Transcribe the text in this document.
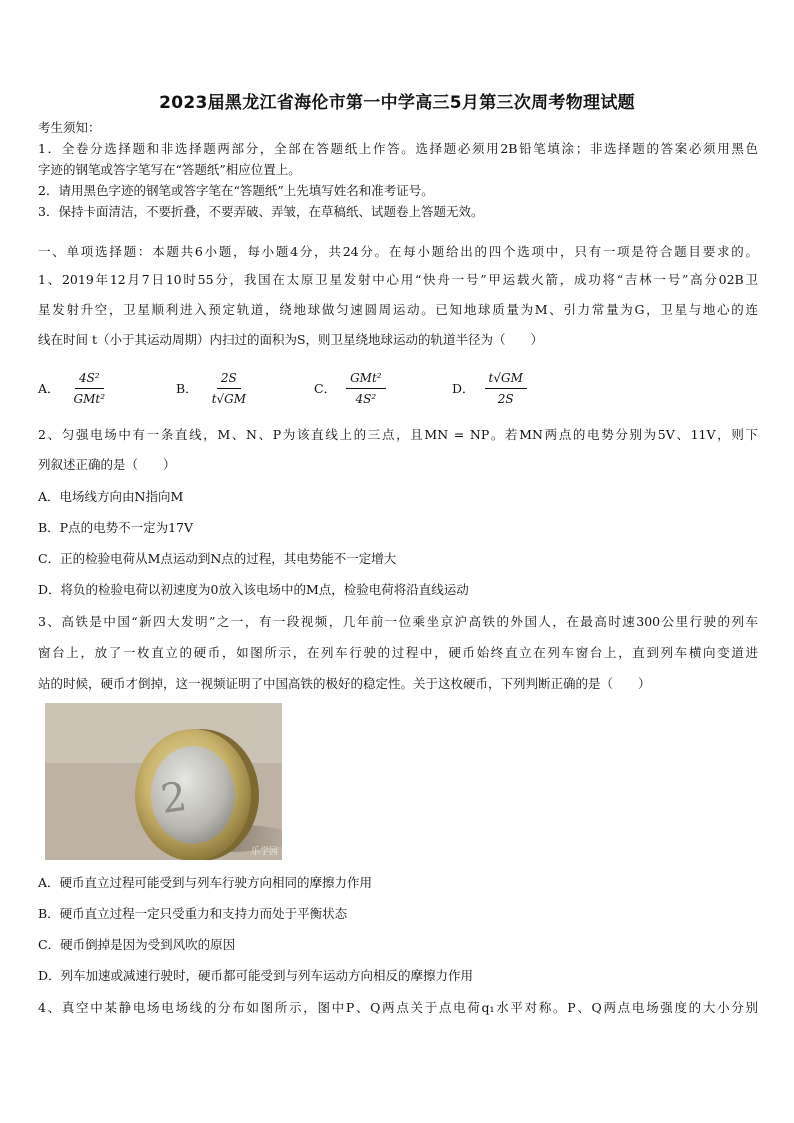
2023届黑龙江省海伦市第一中学高三5月第三次周考物理试题
考生须知：
1．全卷分选择题和非选择题两部分，全部在答题纸上作答。选择题必须用2B铅笔填涂；非选择题的答案必须用黑色
字迹的钢笔或答字笔写在“答题纸”相应位置上。
2．请用黑色字迹的钢笔或答字笔在“答题纸”上先填写姓名和准考证号。
3．保持卡面清洁，不要折叠，不要弄破、弄皱，在草稿纸、试题卷上答题无效。
一、单项选择题：本题共6小题，每小题4分，共24分。在每小题给出的四个选项中，只有一项是符合题目要求的。
1、2019年12月7日10时55分，我国在太原卫星发射中心用“快舟一号”甲运载火箭，成功将“吉林一号”高分02B卫
星发射升空，卫星顺利进入预定轨道，绕地球做匀速圆周运动。已知地球质量为M、引力常量为G，卫星与地心的连
线在时间 t（小于其运动周期）内扫过的面积为S，则卫星绕地球运动的轨道半径为（　　）
A． $\frac{\text{4S²}}{\text{GMt²}}$	B． $\frac{2S}{t√GM}$	C． $\frac{\text{GMt²}}{\text{4S²}}$	D． $\frac{t√GM}{2S}$
2、匀强电场中有一条直线，M、N、P为该直线上的三点，且MN = NP。若MN两点的电势分别为5V、11V，则下
列叙述正确的是（　　）
A．电场线方向由N指向M
B．P点的电势不一定为17V
C．正的检验电荷从M点运动到N点的过程，其电势能不一定增大
D．将负的检验电荷以初速度为0放入该电场中的M点，检验电荷将沿直线运动
3、高铁是中国“新四大发明”之一，有一段视频，几年前一位乘坐京沪高铁的外国人，在最高时速300公里行驶的列车
窗台上，放了一枚直立的硬币，如图所示，在列车行驶的过程中，硬币始终直立在列车窗台上，直到列车横向变道进
站的时候，硬币才倒掉，这一视频证明了中国高铁的极好的稳定性。关于这枚硬币，下列判断正确的是（　　）
2
乐学园
A．硬币直立过程可能受到与列车行驶方向相同的摩擦力作用
B．硬币直立过程一定只受重力和支持力而处于平衡状态
C．硬币倒掉是因为受到风吹的原因
D．列车加速或减速行驶时，硬币都可能受到与列车运动方向相反的摩擦力作用
4、真空中某静电场电场线的分布如图所示，图中P、Q两点关于点电荷q₁水平对称。P、Q两点电场强度的大小分别
